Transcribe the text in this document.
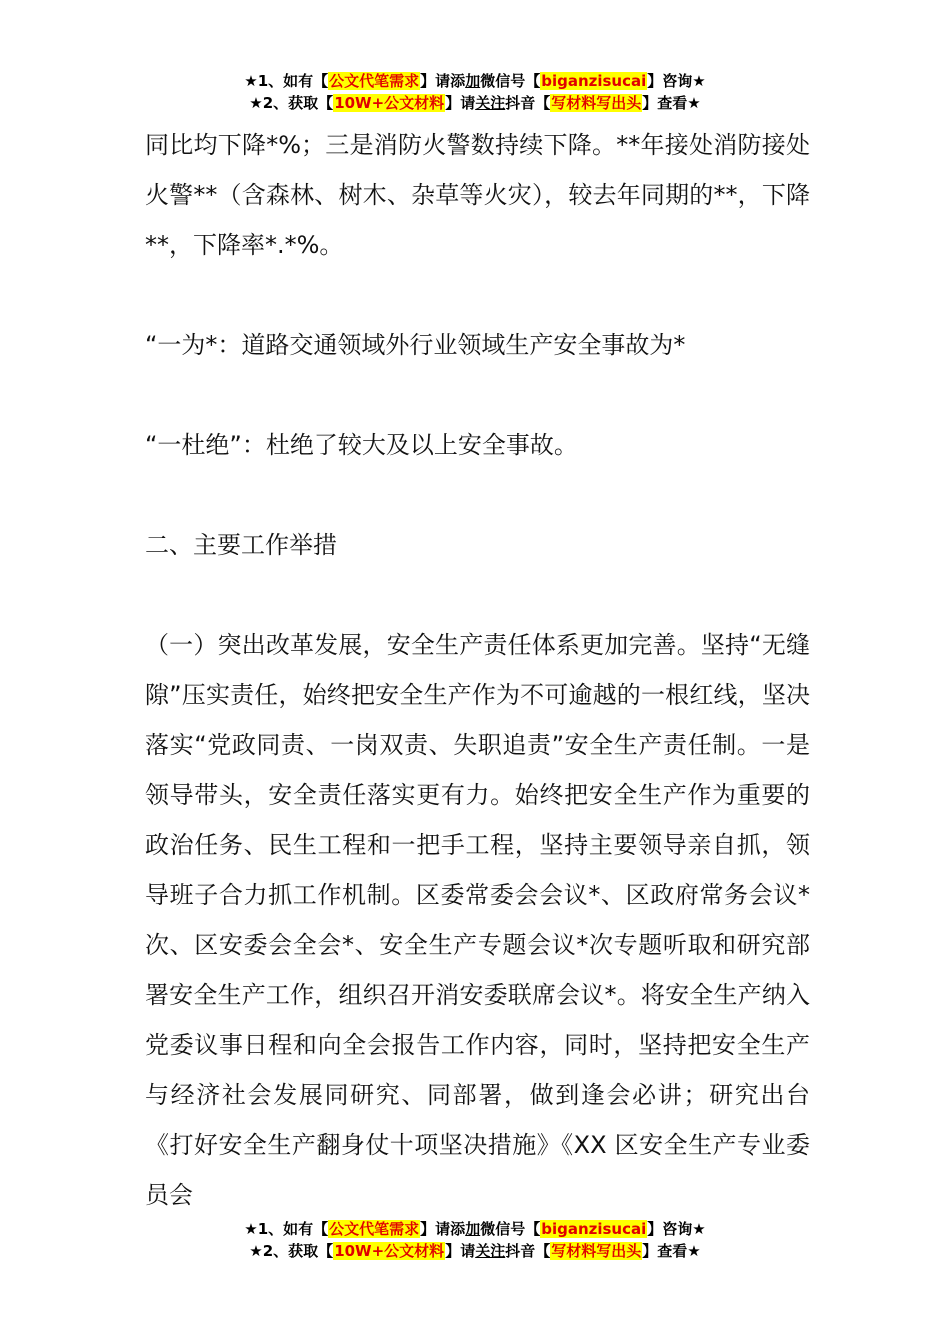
★1、如有【公文代笔需求】请添加微信号【biganzisucai】咨询★
★2、获取【10W+公文材料】请关注抖音【写材料写出头】查看★

同比均下降*%；三是消防火警数持续下降。**年接处消防接处火警**（含森林、树木、杂草等火灾），较去年同期的**，下降**，下降率*.*%。

“一为*：道路交通领域外行业领域生产安全事故为*

“一杜绝”：杜绝了较大及以上安全事故。

二、主要工作举措

（一）突出改革发展，安全生产责任体系更加完善。坚持“无缝隙”压实责任，始终把安全生产作为不可逾越的一根红线，坚决落实“党政同责、一岗双责、失职追责”安全生产责任制。一是领导带头，安全责任落实更有力。始终把安全生产作为重要的政治任务、民生工程和一把手工程，坚持主要领导亲自抓，领导班子合力抓工作机制。区委常委会会议*、区政府常务会议*次、区安委会全会*、安全生产专题会议*次专题听取和研究部署安全生产工作，组织召开消安委联席会议*。将安全生产纳入党委议事日程和向全会报告工作内容，同时，坚持把安全生产与经济社会发展同研究、同部署，做到逢会必讲；研究出台《打好安全生产翻身仗十项坚决措施》《XX 区安全生产专业委员会

★1、如有【公文代笔需求】请添加微信号【biganzisucai】咨询★
★2、获取【10W+公文材料】请关注抖音【写材料写出头】查看★
